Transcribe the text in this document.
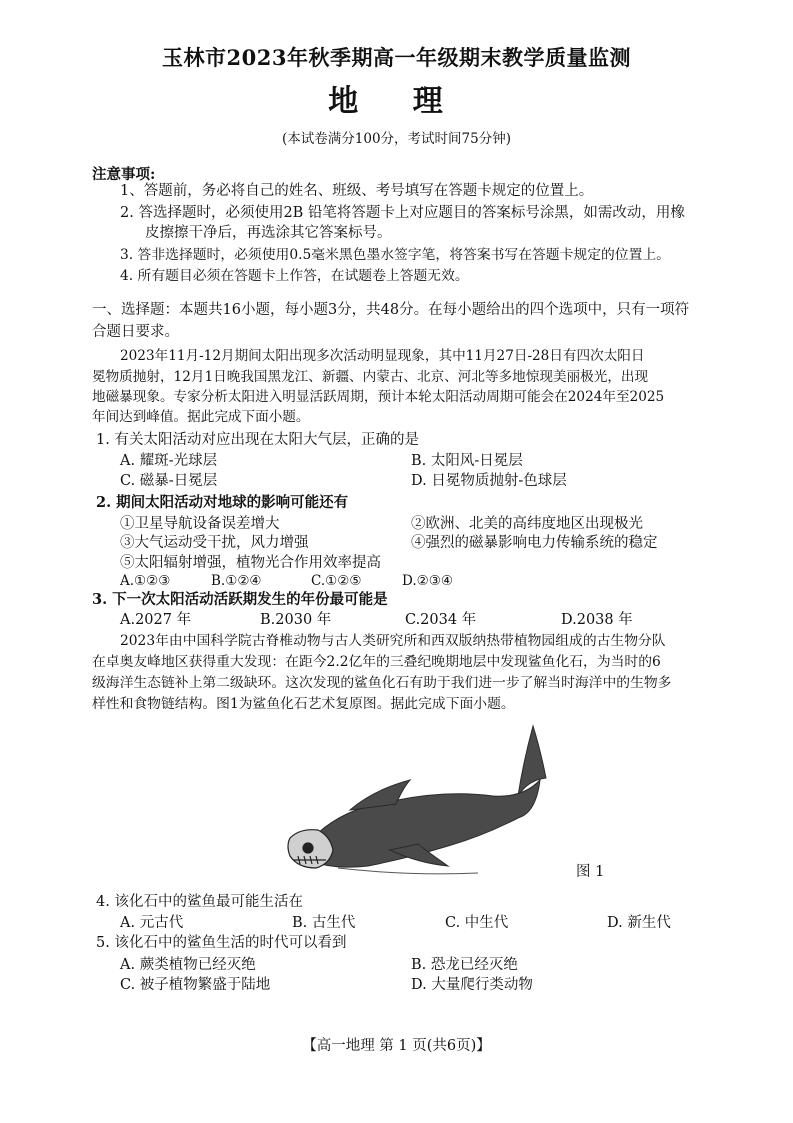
玉林市2023年秋季期高一年级期末教学质量监测
地 理
(本试卷满分100分，考试时间75分钟)
注意事项:
1、答题前，务必将自己的姓名、班级、考号填写在答题卡规定的位置上。
2. 答选择题时，必须使用2B 铅笔将答题卡上对应题目的答案标号涂黑，如需改动，用橡
皮擦擦干净后，再选涂其它答案标号。
3. 答非选择题时，必须使用0.5毫米黑色墨水签字笔，将答案书写在答题卡规定的位置上。
4. 所有题目必须在答题卡上作答，在试题卷上答题无效。
一、选择题：本题共16小题，每小题3分，共48分。在每小题给出的四个选项中，只有一项符
合题日要求。
2023年11月-12月期间太阳出现多次活动明显现象，其中11月27日-28日有四次太阳日
冕物质抛射，12月1日晚我国黑龙江、新疆、内蒙古、北京、河北等多地惊现美丽极光，出现
地磁暴现象。专家分析太阳进入明显活跃周期，预计本轮太阳活动周期可能会在2024年至2025
年间达到峰值。据此完成下面小题。
1. 有关太阳活动对应出现在太阳大气层，正确的是
A. 耀斑-光球层	B. 太阳风-日冕层
C. 磁暴-日冕层	D. 日冕物质抛射-色球层
2. 期间太阳活动对地球的影响可能还有
①卫星导航设备误差增大	②欧洲、北美的高纬度地区出现极光
③大气运动受干扰，风力增强	④强烈的磁暴影响电力传输系统的稳定
⑤太阳辐射增强，植物光合作用效率提高
A.①②③	B.①②④	C.①②⑤	D.②③④
3. 下一次太阳活动活跃期发生的年份最可能是
A.2027 年	B.2030 年	C.2034 年	D.2038 年
2023年由中国科学院古脊椎动物与古人类研究所和西双版纳热带植物园组成的古生物分队
在卓奥友峰地区获得重大发现：在距今2.2亿年的三叠纪晚期地层中发现鲨鱼化石，为当时的6
级海洋生态链补上第二级缺环。这次发现的鲨鱼化石有助于我们进一步了解当时海洋中的生物多
样性和食物链结构。图1为鲨鱼化石艺术复原图。据此完成下面小题。
图 1
4. 该化石中的鲨鱼最可能生活在
A. 元古代	B. 古生代	C. 中生代	D. 新生代
5. 该化石中的鲨鱼生活的时代可以看到
A. 蕨类植物已经灭绝	B. 恐龙已经灭绝
C. 被子植物繁盛于陆地	D. 大量爬行类动物
【高一地理 第 1 页(共6页)】
